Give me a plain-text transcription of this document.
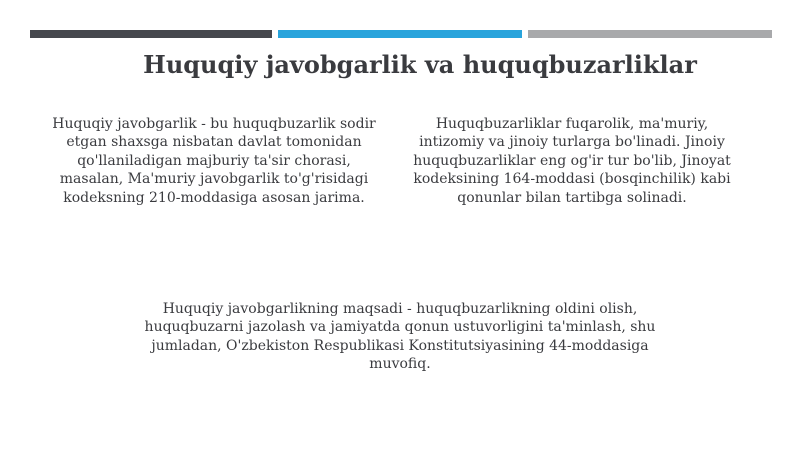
Huquqiy javobgarlik va huquqbuzarliklar
Huquqiy javobgarlik - bu huquqbuzarlik sodir etgan shaxsga nisbatan davlat tomonidan qo'llaniladigan majburiy ta'sir chorasi, masalan, Ma'muriy javobgarlik to'g'risidagi kodeksning 210-moddasiga asosan jarima.
Huquqbuzarliklar fuqarolik, ma'muriy, intizomiy va jinoiy turlarga bo'linadi. Jinoiy huquqbuzarliklar eng og'ir tur bo'lib, Jinoyat kodeksining 164-moddasi (bosqinchilik) kabi qonunlar bilan tartibga solinadi.
Huquqiy javobgarlikning maqsadi - huquqbuzarlikning oldini olish, huquqbuzarni jazolash va jamiyatda qonun ustuvorligini ta'minlash, shu jumladan, O'zbekiston Respublikasi Konstitutsiyasining 44-moddasiga muvofiq.
